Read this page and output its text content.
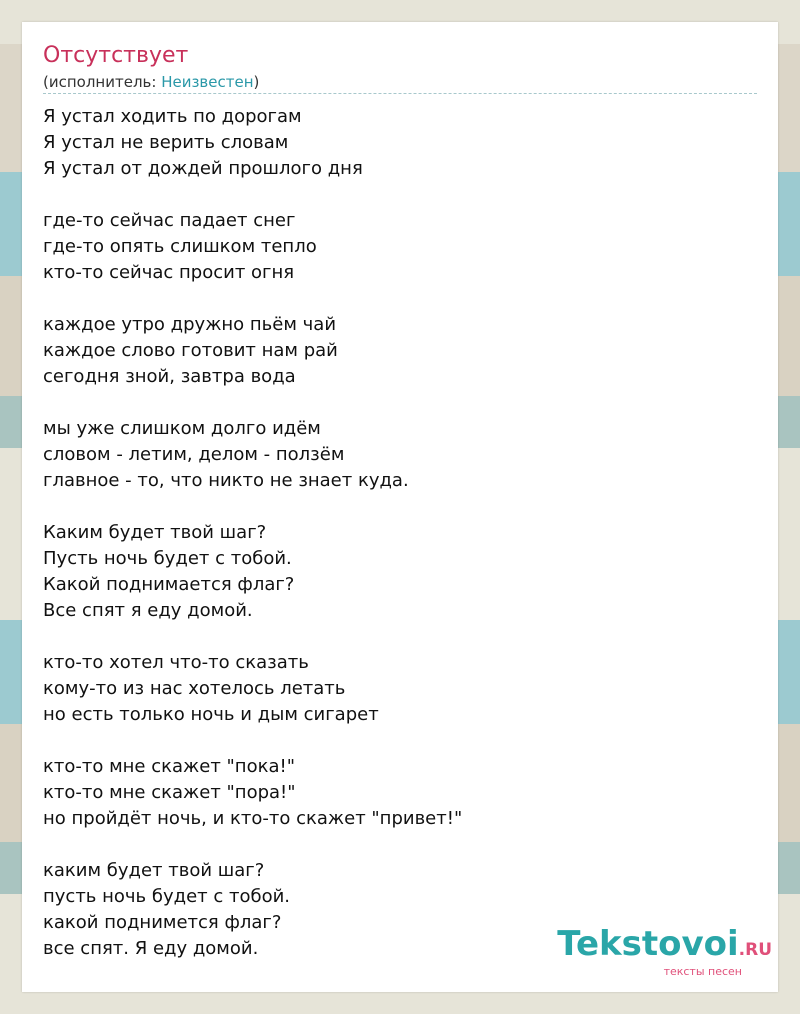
Отсутствует
(исполнитель: Неизвестен)
Я устал ходить по дорогам
Я устал не верить словам
Я устал от дождей прошлого дня
где-то сейчас падает снег
где-то опять слишком тепло
кто-то сейчас просит огня
каждое утро дружно пьём чай
каждое слово готовит нам рай
сегодня зной, завтра вода
мы уже слишком долго идём
словом - летим, делом - ползём
главное - то, что никто не знает куда.
Каким будет твой шаг?
Пусть ночь будет с тобой.
Какой поднимается флаг?
Все спят я еду домой.
кто-то хотел что-то сказать
кому-то из нас хотелось летать
но есть только ночь и дым сигарет
кто-то мне скажет "пока!"
кто-то мне скажет "пора!"
но пройдёт ночь, и кто-то скажет "привет!"
каким будет твой шаг?
пусть ночь будет с тобой.
какой поднимется флаг?
все спят. Я еду домой.	Tekstovoi.RU
тексты песен
